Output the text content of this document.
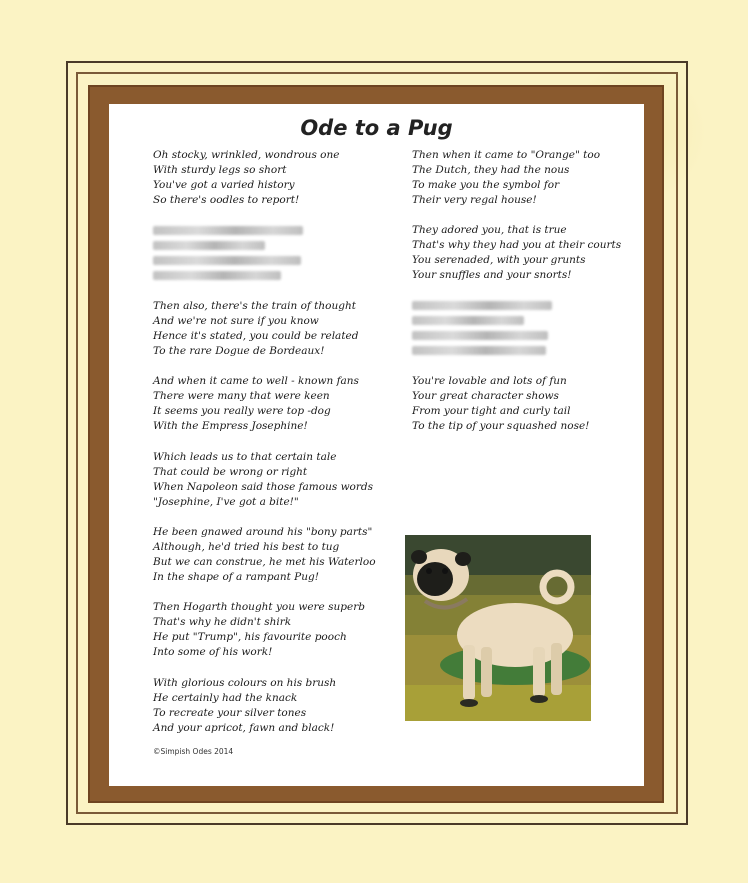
Ode to a Pug
Oh stocky, wrinkled, wondrous one
With sturdy legs so short
You've got a varied history
So there's oodles to report!
Then also, there's the train of thought
And we're not sure if you know
Hence it's stated, you could be related
To the rare Dogue de Bordeaux!
And when it came to well - known fans
There were many that were keen
It seems you really were top -dog
With the Empress Josephine!
Which leads us to that certain tale
That could be wrong or right
When Napoleon said those famous words
"Josephine, I've got a bite!"
He been gnawed around his "bony parts"
Although, he'd tried his best to tug
But we can construe, he met his Waterloo
In the shape of a rampant Pug!
Then Hogarth thought you were superb
That's why he didn't shirk
He put "Trump", his favourite pooch
Into some of his work!
With glorious colours on his brush
He certainly had the knack
To recreate your silver tones
And your apricot, fawn and black!
Then when it came to "Orange" too
The Dutch, they had the nous
To make you the symbol for
Their very regal house!
They adored you, that is true
That's why they had you at their courts
You serenaded, with your grunts
Your snuffles and your snorts!
You're lovable and lots of fun
Your great character shows
From your tight and curly tail
To the tip of your squashed nose!
©Simpish Odes 2014
